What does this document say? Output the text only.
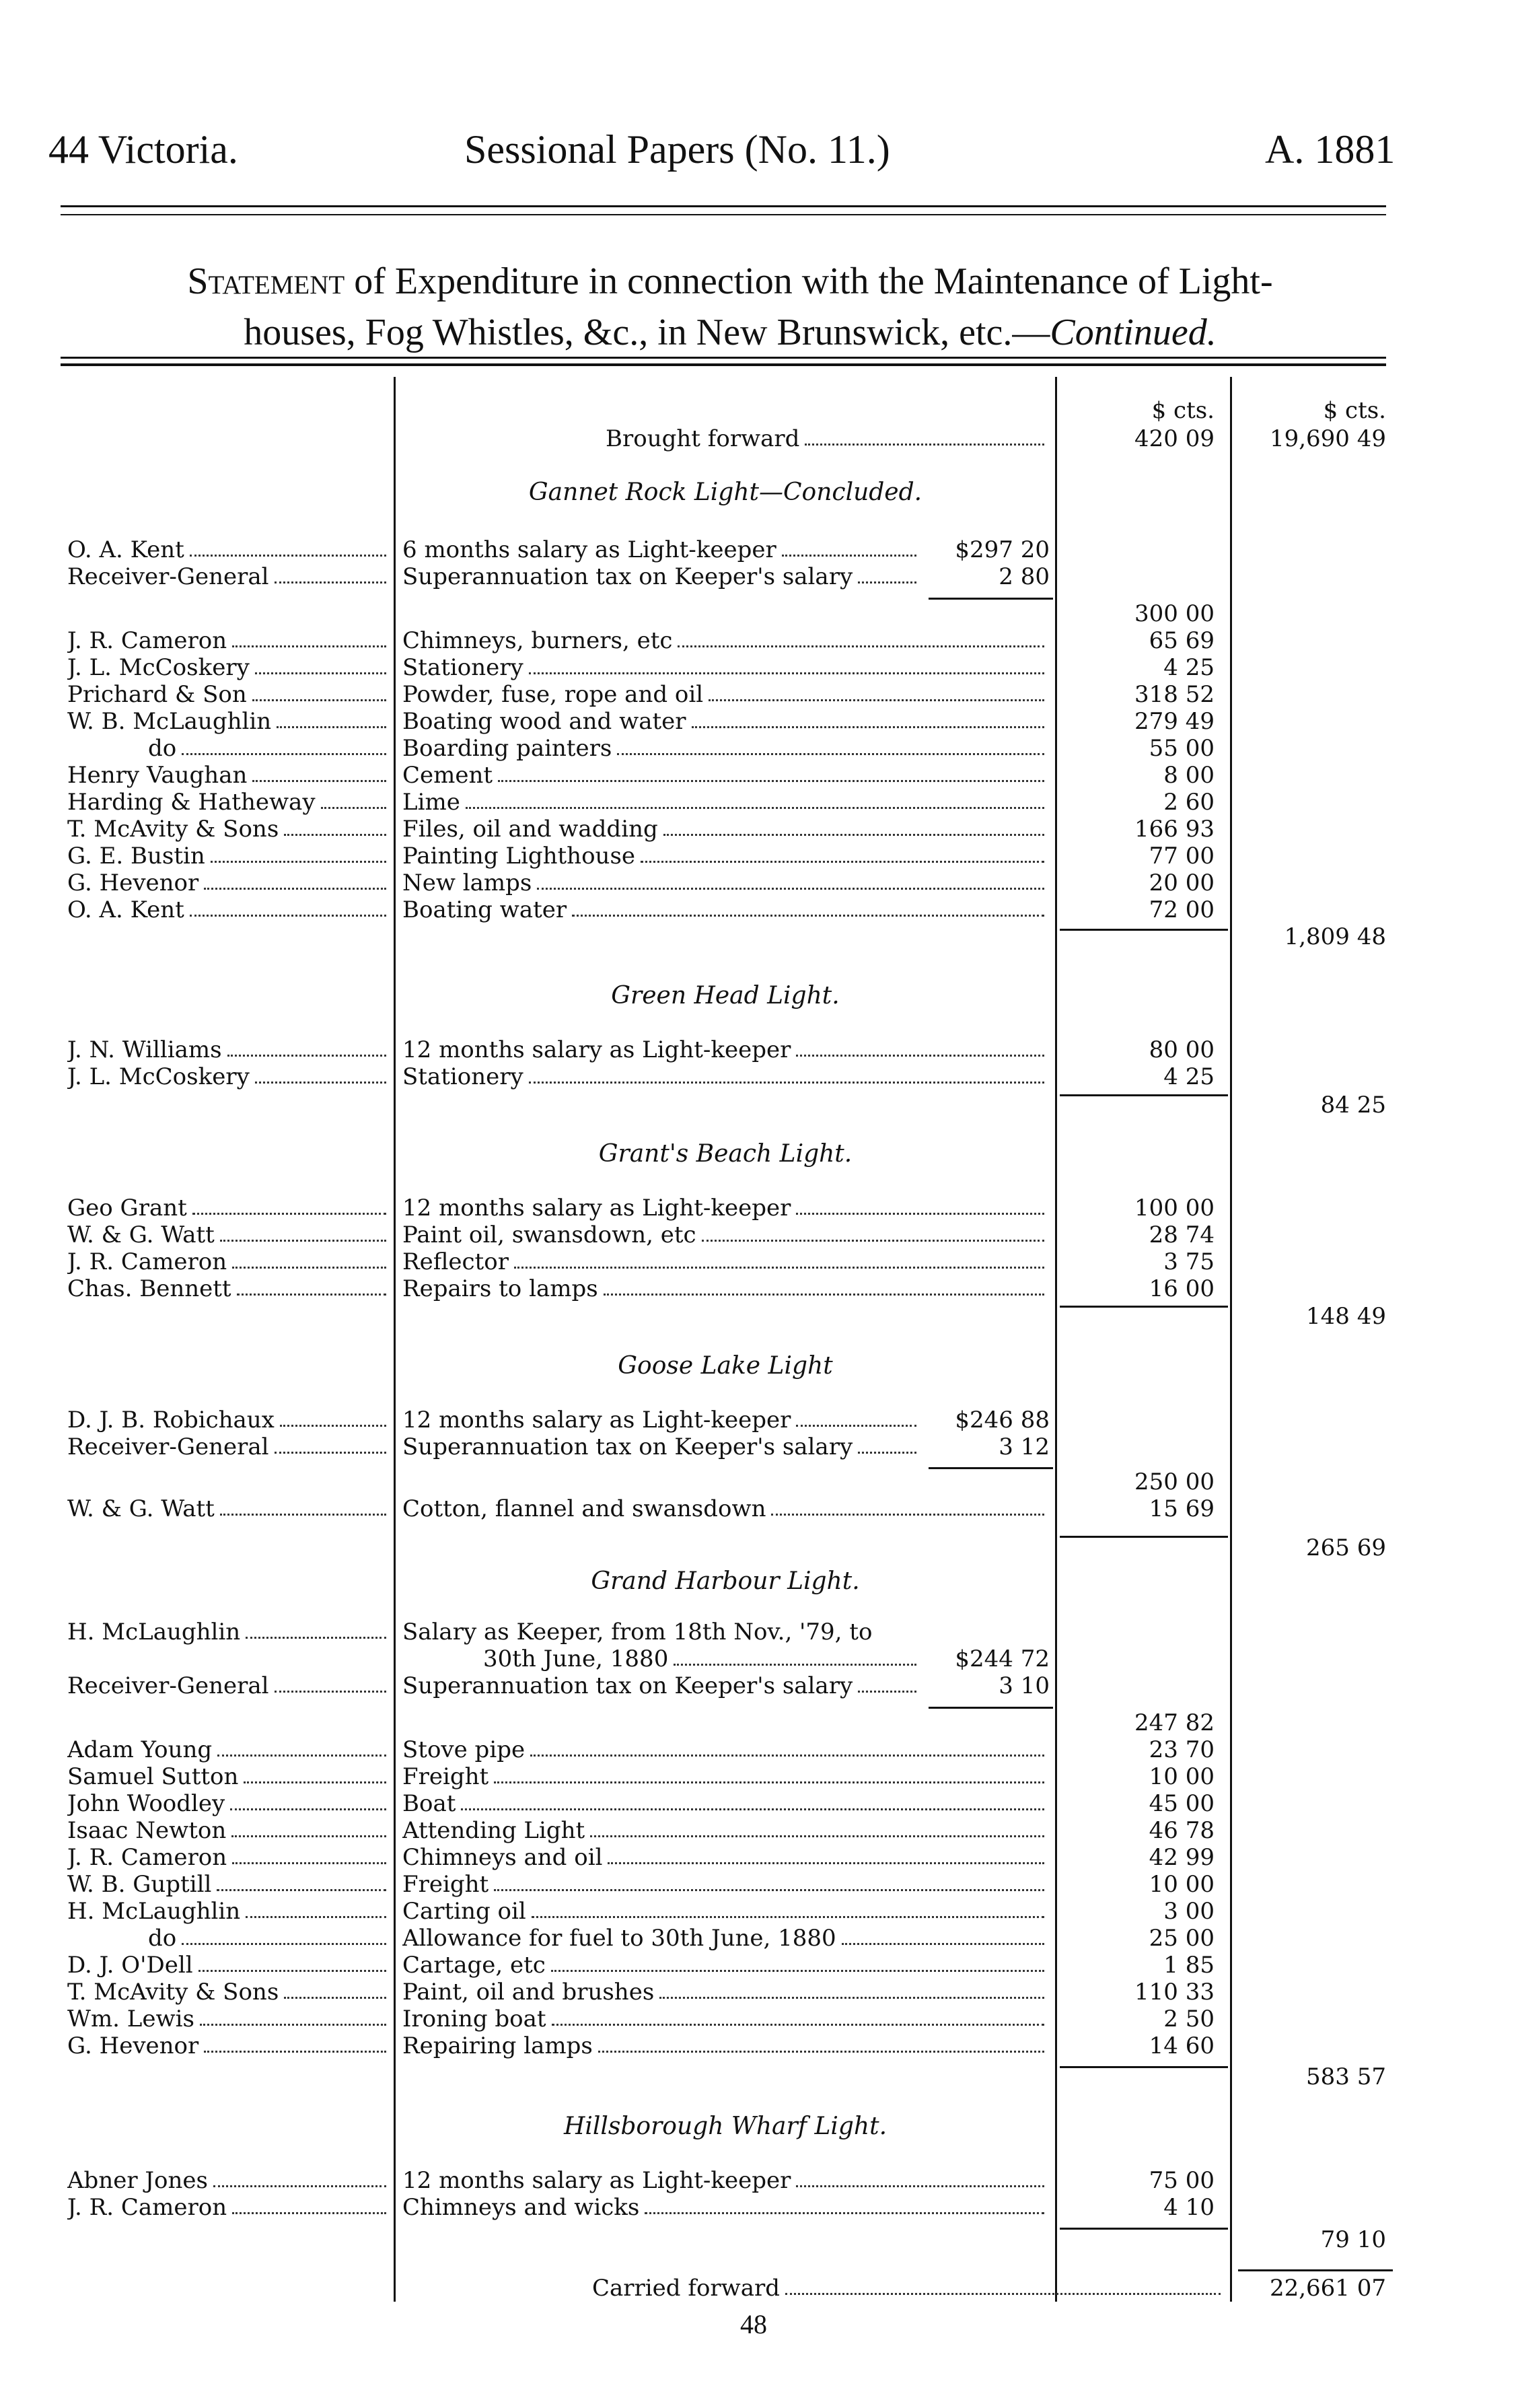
44 Victoria.	Sessional Papers (No. 11.)	A. 1881
Statement of Expenditure in connection with the Maintenance of Light-
houses, Fog Whistles, &c., in New Brunswick, etc.—Continued.
$ cts.	$ cts.
Brought forward	420 09	19,690 49
Gannet Rock Light—Concluded.
O. A. Kent	6 months salary as Light-keeper	$297 20
Receiver-General	Superannuation tax on Keeper's salary	2 80
300 00
J. R. Cameron	Chimneys, burners, etc	65 69
J. L. McCoskery	Stationery	4 25
Prichard & Son	Powder, fuse, rope and oil	318 52
W. B. McLaughlin	Boating wood and water	279 49
do	Boarding painters	55 00
Henry Vaughan	Cement	8 00
Harding & Hatheway	Lime	2 60
T. McAvity & Sons	Files, oil and wadding	166 93
G. E. Bustin	Painting Lighthouse	77 00
G. Hevenor	New lamps	20 00
O. A. Kent	Boating water	72 00
1,809 48
Green Head Light.
J. N. Williams	12 months salary as Light-keeper	80 00
J. L. McCoskery	Stationery	4 25
84 25
Grant's Beach Light.
Geo Grant	12 months salary as Light-keeper	100 00
W. & G. Watt	Paint oil, swansdown, etc	28 74
J. R. Cameron	Reflector	3 75
Chas. Bennett	Repairs to lamps	16 00
148 49
Goose Lake Light
D. J. B. Robichaux	12 months salary as Light-keeper	$246 88
Receiver-General	Superannuation tax on Keeper's salary	3 12
250 00
W. & G. Watt	Cotton, flannel and swansdown	15 69
265 69
Grand Harbour Light.
H. McLaughlin	Salary as Keeper, from 18th Nov., '79, to
30th June, 1880	$244 72
Receiver-General	Superannuation tax on Keeper's salary	3 10
247 82
Adam Young	Stove pipe	23 70
Samuel Sutton	Freight	10 00
John Woodley	Boat	45 00
Isaac Newton	Attending Light	46 78
J. R. Cameron	Chimneys and oil	42 99
W. B. Guptill	Freight	10 00
H. McLaughlin	Carting oil	3 00
do	Allowance for fuel to 30th June, 1880	25 00
D. J. O'Dell	Cartage, etc	1 85
T. McAvity & Sons	Paint, oil and brushes	110 33
Wm. Lewis	Ironing boat	2 50
G. Hevenor	Repairing lamps	14 60
583 57
Hillsborough Wharf Light.
Abner Jones	12 months salary as Light-keeper	75 00
J. R. Cameron	Chimneys and wicks	4 10
79 10
Carried forward	22,661 07
48
